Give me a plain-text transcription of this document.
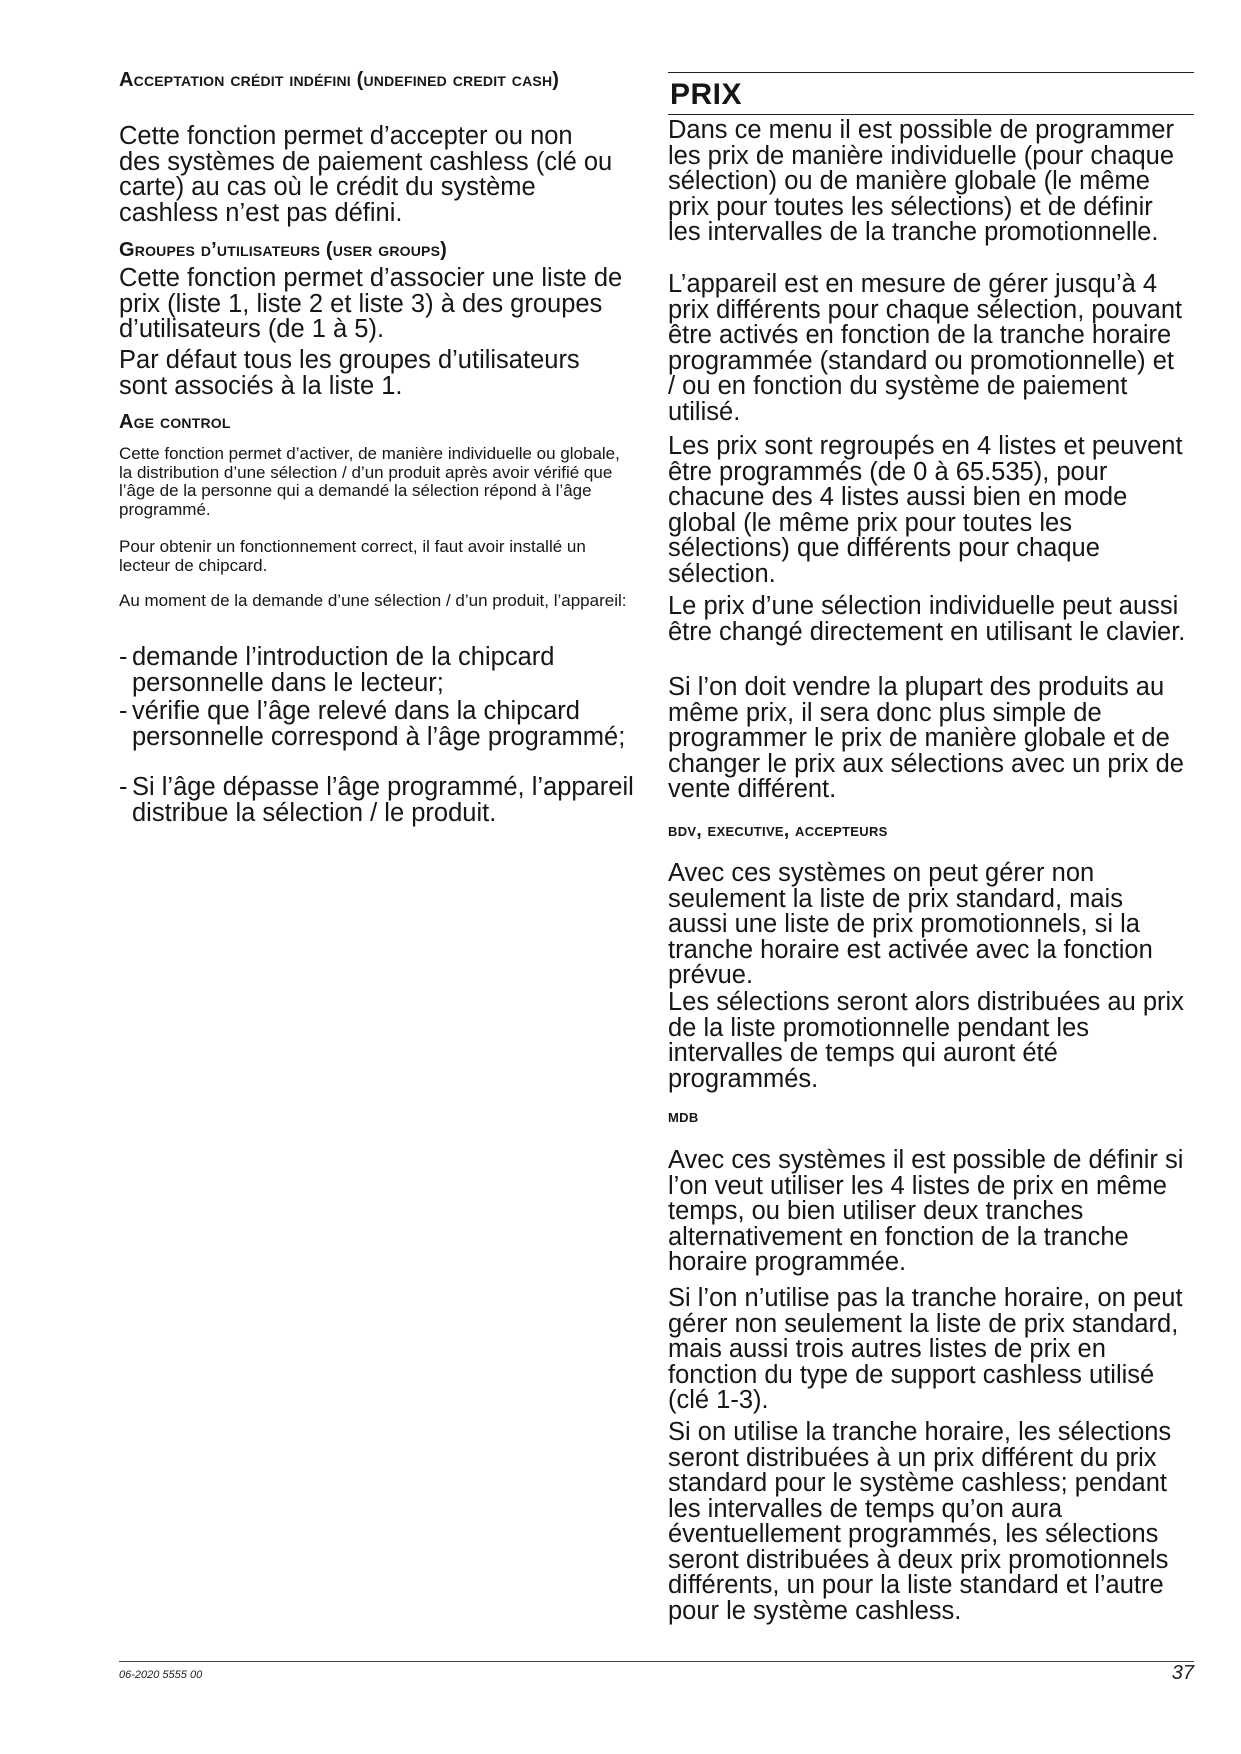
Acceptation crédit indéfini (undefined credit cash)

Cette fonction permet d’accepter ou non des systèmes de paiement cashless (clé ou carte) au cas où le crédit du système cashless n’est pas défini.

Groupes d’utilisateurs (user groups)

Cette fonction permet d’associer une liste de prix (liste 1, liste 2 et liste 3) à des groupes d’utilisateurs (de 1 à 5).

Par défaut tous les groupes d’utilisateurs sont associés à la liste 1.

Age control

Cette fonction permet d’activer, de manière individuelle ou globale, la distribution d’une sélection / d’un produit après avoir vérifié que l’âge de la personne qui a demandé la sélection répond à l’âge programmé.

Pour obtenir un fonctionnement correct, il faut avoir installé un lecteur de chipcard.

Au moment de la demande d’une sélection / d’un produit, l’appareil:

- demande l’introduction de la chipcard personnelle dans le lecteur;
- vérifie que l’âge relevé dans la chipcard personnelle correspond à l’âge programmé;
- Si l’âge dépasse l’âge programmé, l’appareil distribue la sélection / le produit.
PRIX

Dans ce menu il est possible de programmer les prix de manière individuelle (pour chaque sélection) ou de manière globale (le même prix pour toutes les sélections) et de définir les intervalles de la tranche promotionnelle.

L’appareil est en mesure de gérer jusqu’à 4 prix différents pour chaque sélection, pouvant être activés en fonction de la tranche horaire programmée (standard ou promotionnelle) et / ou en fonction du système de paiement utilisé.

Les prix sont regroupés en 4 listes et peuvent être programmés (de 0 à 65.535), pour chacune des 4 listes aussi bien en mode global (le même prix pour toutes les sélections) que différents pour chaque sélection.

Le prix d’une sélection individuelle peut aussi être changé directement en utilisant le clavier.

Si l’on doit vendre la plupart des produits au même prix, il sera donc plus simple de programmer le prix de manière globale et de changer le prix aux sélections avec un prix de vente différent.

bdv, executive, accepteurs

Avec ces systèmes on peut gérer non seulement la liste de prix standard, mais aussi une liste de prix promotionnels, si la tranche horaire est activée avec la fonction prévue.

Les sélections seront alors distribuées au prix de la liste promotionnelle pendant les intervalles de temps qui auront été programmés.

mdb

Avec ces systèmes il est possible de définir si l’on veut utiliser les 4 listes de prix en même temps, ou bien utiliser deux tranches alternativement en fonction de la tranche horaire programmée.

Si l’on n’utilise pas la tranche horaire, on peut gérer non seulement la liste de prix standard, mais aussi trois autres listes de prix en fonction du type de support cashless utilisé (clé 1-3).

Si on utilise la tranche horaire, les sélections seront distribuées à un prix différent du prix standard pour le système cashless; pendant les intervalles de temps qu’on aura éventuellement programmés, les sélections seront distribuées à deux prix promotionnels différents, un pour la liste standard et l’autre pour le système cashless.

06-2020 5555 00	37
